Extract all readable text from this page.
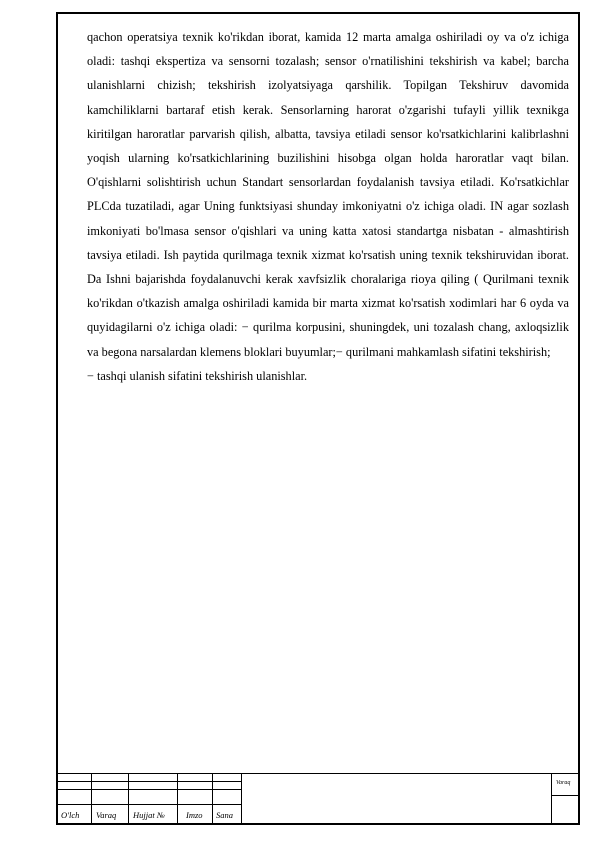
qachon operatsiya texnik ko'rikdan iborat, kamida 12 marta amalga oshiriladi oy va o'z ichiga oladi: tashqi ekspertiza va sensorni tozalash; sensor o'rnatilishini tekshirish va kabel; barcha ulanishlarni chizish; tekshirish izolyatsiyaga qarshilik. Topilgan Tekshiruv davomida kamchiliklarni bartaraf etish kerak. Sensorlarning harorat o'zgarishi tufayli yillik texnikga kiritilgan haroratlar parvarish qilish, albatta, tavsiya etiladi sensor ko'rsatkichlarini kalibrlashni yoqish ularning ko'rsatkichlarining buzilishini hisobga olgan holda haroratlar vaqt bilan. O'qishlarni solishtirish uchun Standart sensorlardan foydalanish tavsiya etiladi. Ko'rsatkichlar PLCda tuzatiladi, agar Uning funktsiyasi shunday imkoniyatni o'z ichiga oladi. IN agar sozlash imkoniyati bo'lmasa sensor o'qishlari va uning katta xatosi standartga nisbatan - almashtirish tavsiya etiladi. Ish paytida qurilmaga texnik xizmat ko'rsatish uning texnik tekshiruvidan iborat. Da Ishni bajarishda foydalanuvchi kerak xavfsizlik choralariga rioya qiling ( Qurilmani texnik ko'rikdan o'tkazish amalga oshiriladi kamida bir marta xizmat ko'rsatish xodimlari har 6 oyda va quyidagilarni o'z ichiga oladi: − qurilma korpusini, shuningdek, uni tozalash chang, axloqsizlik va begona narsalardan klemens bloklari buyumlar;− qurilmani mahkamlash sifatini tekshirish;

− tashqi ulanish sifatini tekshirish ulanishlar.

O'lch Varaq Hujjat № Imzo Sana
Varaq
